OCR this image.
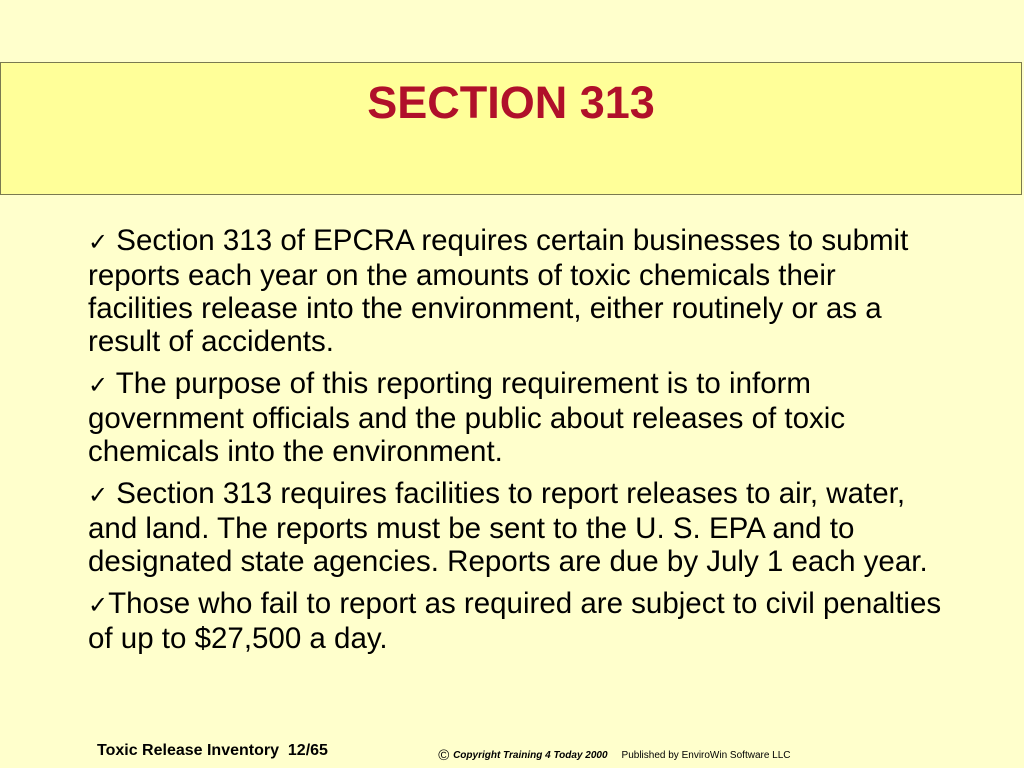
SECTION 313
✓ Section 313 of EPCRA requires certain businesses to submit reports each year on the amounts of toxic chemicals their facilities release into the environment, either routinely or as a result of accidents.
✓ The purpose of this reporting requirement is to inform government officials and the public about releases of toxic chemicals into the environment.
✓ Section 313 requires facilities to report releases to air, water, and land. The reports must be sent to the U. S. EPA and to designated state agencies. Reports are due by July 1 each year.
✓Those who fail to report as required are subject to civil penalties of up to $27,500 a day.
Toxic Release Inventory  12/65	© Copyright Training 4 Today 2000 Published by EnviroWin Software LLC
